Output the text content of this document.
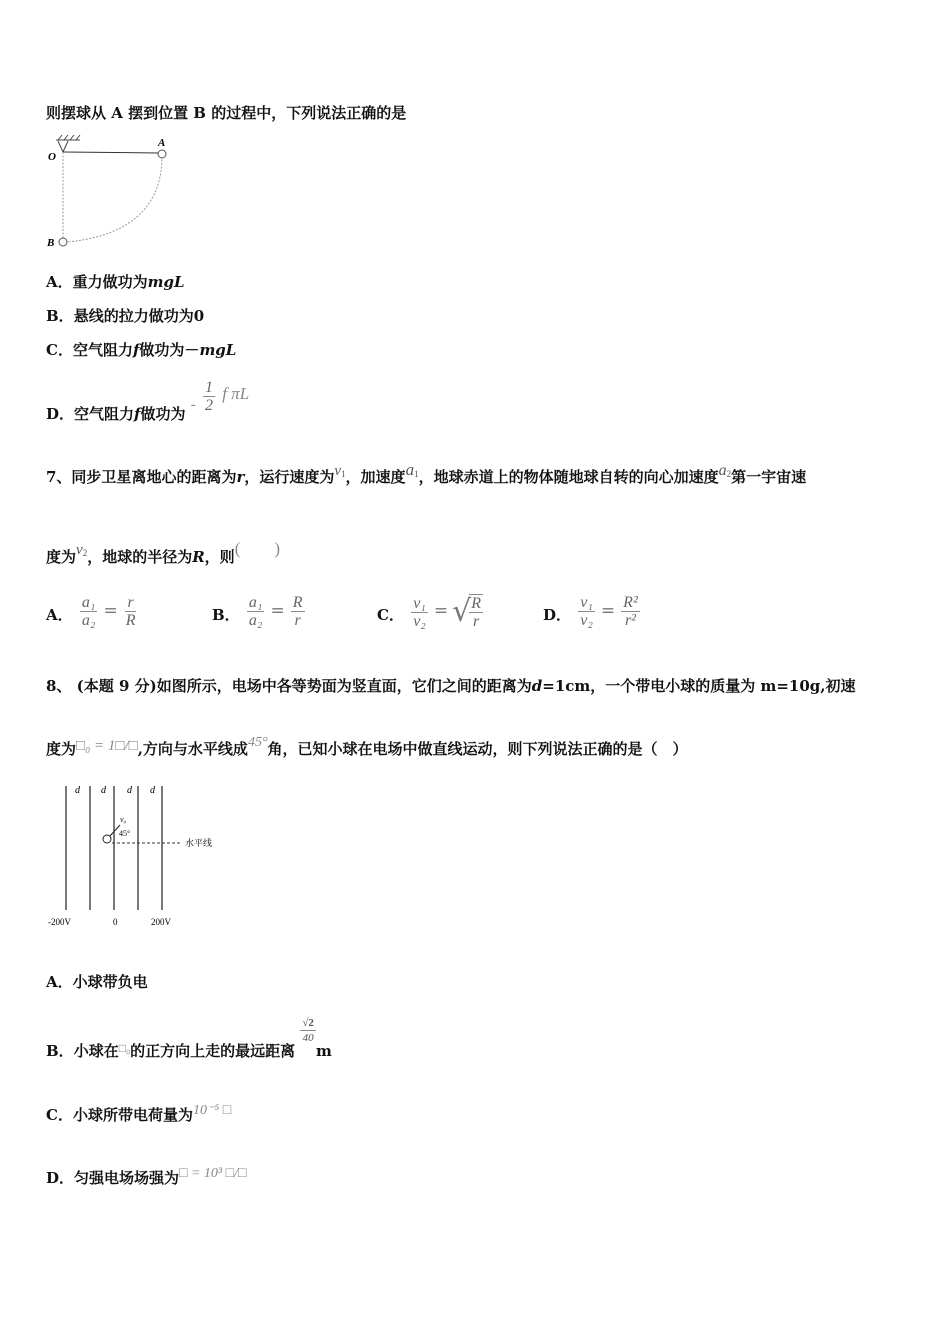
则摆球从 A 摆到位置 B 的过程中，下列说法正确的是
O
A
B
A．重力做功为mgL
B．悬线的拉力做功为0
C．空气阻力f做功为－mgL
D．空气阻力f做功为 - $\frac{1}{2}$ f πL
7、同步卫星离地心的距离为r，运行速度为$v_1$，加速度$a_1$，地球赤道上的物体随地球自转的向心加速度$a_2$第一宇宙速
度为$v_2$，地球的半径为R，则(　　)
A． $\frac{\text{a₁}}{\text{a₂}} = \frac{r}{R}$	B． $\frac{\text{a₁}}{\text{a₂}} = \frac{R}{r}$	C． $\frac{\text{v₁}}{\text{v₂}}$ = √
$\frac{R}{r}$	D． $\frac{\text{v₁}}{\text{v₂}} = \frac{\text{R²}}{\text{r²}}$
8、 (本题 9 分)如图所示，电场中各等势面为竖直面，它们之间的距离为d=1cm，一个带电小球的质量为 m=10g,初速
度为□₀ = 1□/□,方向与水平线成45°角，已知小球在电场中做直线运动，则下列说法正确的是（　）
d d d d
v₀
45°
水平线
-200V	0	200V
A．小球带负电
B．小球在$^{□_0}$的正方向上走的最远距离
$\frac{√2}{40}$
m
C．小球所带电荷量为10⁻⁵ □
D．匀强电场场强为□ = 10³ □/□
